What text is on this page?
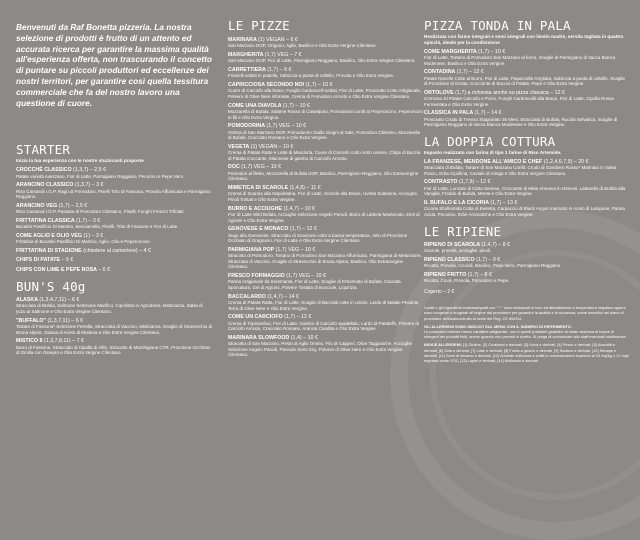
Benvenuti da Raf Bonetta pizzeria. La nostra selezione di prodotti è frutto di un attento ed accurata ricerca per garantire la massima qualità all'esperienza offerta, non trascurando il concetto di puntare su piccoli produttori ed eccellenze dei nostri territori, per garantire così quella tessitura commerciale che fa del nostro lavoro una questione di cuore.
STARTER
Inizia la tua esperienza con le nostre stuzzicanti proposte
CROCCHÈ CLASSICO (1,3,7) – 2,5 €
Patate varietà Avezzano, Fior di Latte, Parmigiano Reggiano, Pecorino e Pepe Nero.
ARANCINO CLASSICO (1,3,7) – 3 €
Riso Carnaroli I.G.P, Ragù di Pomodoro, Piselli Trito di Fassona, Provola Affumicata e Parmigiano Reggiano.
ARANCINO VEG (1,7) – 2,5 €
Riso Carnaroli I.G.P, Passata di Pomodoro Cilentano, Piselli, Funghi Freschi Trifolati.
FRITTATINA CLASSICA (1,7) – 3 €
Bucatini Pastificio Di Martino, Besciamella, Piselli, Trito di Fassona e Fior di Latte.
COME AGLIO E OLIO VEG (1) – 3 €
Frittatina di Bucatini Pastificio Di Martino, Aglio, Olio e Peperoncino.
FRITTATINA DI STAGIONE (chiedere al cameriere) – 4 €
CHIPS DI PATATE – 5 €
CHIPS CON LIME E PEPE ROSA – 6 €
BUN'S 40g
ALASKA (1,3,4,7,11) – 6 €
Stracciata di Bufala, Salmone Selezione Marifico, Cipollotto in Agrodolce, Misticanza, Salsa di yuzu al Salmone e Olio Extra Vergine Cilentano.
"BUFFALO" (1,3,7,11) – 6 €
Tartare di Fassona* Selezione Ferrella, Stracciata di Vaccino, Misticanza, Scaglie di Stravecchio di Bruna Alpina, Glassa di Aceto di Modena e Olio Extra Vergine Cilentano.
MISTICO 8 (1,3,7,8,11) – 7 €
Burro di Fassone, Stracciato di Cipolla di Alife, Stracotto di Marchigiana CTR, Provolone Occhiato di Ginilia con Ginepro e Olio Extra Vergine Cilentano.
LE PIZZE
MARINARA (1) VEGAN – 6 €
San Marzano DOP, Origano, Aglio, Basilico e Olio Extra Vergine Cilentano.
MARGHERITA (1,7) VEG – 7 €
San Marzano DOP, Fior di Latte, Parmigiano Reggiano, Basilico, Olio Extra Vergine Cilentano.
CARRETTIERA (1,7) – 9 €
Friarielli saltati in padella, Salsiccia a punta di coltello, Provola e Olio Extra Vergine.
CAPRICCIOSA SECONDO NOI (1,7) – 10 €
Cuore di Carciofo alla brace, Funghi Cardoncelli saltati, Fior di Latte, Prosciutto Cotto Artigianale, Polvere di Olive Nere infornate, Crema di Pomodoro Arrosto e Olio Extra Vergine Cilentano.
COME UNA DIAVOLA (1,7) – 10 €
Mozzarella di Bufala, Salame Rosso di Castelpoto, Pomodorini confit al Peperoncino, Peperoncini in fili e Olio Extra Vergine.
POMODORINA (1,7) VEG – 10 €
Ombra di San Marzano DOP, Pomodorino Giallo Giagni al Sale, Pomodoro Cilentino, Mozzarella di Bufala, Crocciato Romano e Olio Extra Vergine.
VEGETA (1) VEGAN – 10 €
Crema di Patata Ratte e Latte di Mandorla, Cuore di Carciofo cotto sotto cenere, Chips di Buccia di Patata croccante, Maionese di gambo di Carciofo Arrosto.
DOC (1,7) VEG – 10 €
Pomodori al filetto, Mozzarella di Bufala DOP, Basilico, Parmigiano Reggiano, Olio Extravergine Cilentano.
MIMETICA DI SCAROLE (1,4,8) – 11 €
Crema di Scarola alla Napoletana, Fior di Latte, Scarole alla Brace, Uvetta Sultanina, Acciughe, Pinoli Tostati e Olio Extra Vergine.
BURRO E ACCIUGHE (1,4,7) – 10 €
Fior di Latte Wild Bufala, Acciughe Selezione Angelo Parodi, Burro di Latteria Mantecato, Zest di Agrumi e Olio Extra Vergine.
GENOVESE E MONACO (1,7) – 12 €
Sugo alla Genovese, Stracciato di Scamone cotto a bassa temperatura, Velo di Provolone Occhiato di Gragnano, Fior di Latte e Olio Extra Vergine Cilentano.
PARMIGIANA POP (1,7) VEG – 10 €
Stracotto di Pomodoro, Tortano di Pomodoro San Marzano Affumicato, Parmigiana di Melanzane, Stracciata di Vaccino, Scaglie di Stravecchio di Bruna Alpina, Basilico, Olio Extravergine Cilentano.
FRESCO FORMAGGIO (1,7) VEG – 10 €
Panna Artigianale da Scremanta, Fior di Latte, Scaglie di Erborinato di Bufala, Caciotta Sporcatura, Gel di Agrumi, Polvere Tostata di Nocciole, Liquirizia.
BACCALARDO (1,4,7) – 14 €
Crema di Patata Ratta, Fior di Latte, Scaglie di Baccalà cotte in umido, Lardo di Maiale Pesante, Terra di Olive Nere e Olio Extra Vergine.
COME UN CARCIOFO (1,7) – 12 €
Crema di Topinambur, Fior di Latte, Gambo di Carciofo spadellato, Lardo di Pataleffo, Polvere di Carciofo Arrosto, Cracciato Romano, Arancia Candita e Olio Extra Vergine.
MARINARA SLOWFOOD (1,4) – 10 €
Stracotto di San Marzano, Pesto di Aglio Orsino, Filo di Capperi, Olive Taggiasche, Acciughe Selezione Angelo Parodi, Pannolo Semi Siry, Polvere di Olive Nere e Olio Extra Vergine Cilentano.
PIZZA TONDA IN PALA
Realizzata con farine integrali e semi integrali con lievito madre, servita tagliata in quattro spicchi, ideale per la condivisione
COME MARGHERITA (1,7) – 10 €
Fior di Latte, Tortano di Pomodoro San Marzano al forno, Scaglie di Parmigiano di Vacca Bianca Modenese, Basilico e Olio Extra Vergine.
CONTADINA (1,7) – 12 €
Patate Novelle Cotte al Burro, Fior di Latte, Papaccella Grigliata, Salsiccia a punta di coltello, Scaglie di Provolone di Grotta, Croccante di Buccia di Patate, Pepe e Olio Extra Vergine.
ORTOLOVE (1,7) a richiesta anche su pizza classica – 12 €
Cremoso Di Patate Carciofo e Porro, Funghi Cardoncelli alla Brace, Fior di Latte, Cipolla Rossa Fermentata e Olio Extra Vergine.
CLASSICA IN PALA (1,7) – 14 €
Prosciutto Crudo di Treviso Stagionato 36 Mesi, Stracciata di Bufala, Rucola Selvatica, Scaglie di Parmigiano Reggiano di Vacca Bianca Modenese e Olio Extra Vergine.
LA DOPPIA COTTURA
Impasto realizzato con farina di tipo 1 farine di Riso Artemide.
LA FRANZESE, MENDONE ALL'AMICO E CHEF (1,2,4,6,7,9) – 20 €
Stracciata di Bufala, Tartare di San Marzano Confit, Crudo di Gambero Rosso* Marinato in Salsa Ponzu, Erba Cipollina, Caviale di Aringa e Olio Extra Vergine Cilentano.
CONTRASTO (1,7,9) – 12 €
Fior di Latte, Lonzato di Cinta Senese, Croccante di Mela Annurca in Osmosi, Lattarello di Bufala alla Vaniglia, Freddo di Bufala, Menta e Olio Extra Vergine.
IL BUFALO E LA CICORIA (1,7) – 13 €
Cicoria Sbollentata Cotta di Bietetta, Carpaccio di Black Angus marinato in Aceto di Lampone, Panna Acida, Pecorino, Erbe Aromatiche e Olio Extra Vergine.
LE RIPIENE
RIPIENO DI SCAROLA (1,4,7) – 8 €
Scarole, provola, acciughe, pinoli.
RIPIENO CLASSICO (1,7) – 9 €
Ricotta, Provola, Ciccioli, Basilico, Pepe Nero, Parmigiano Reggiano.
RIPIENO FRITTO (1,7) – 8 €
Ricotta, Cicoli, Provola, Pomodoro e Pepe.
Coperto – 2 €

I piatti o gli ingredienti contrassegnati con " * " sono sottoposti in loco ad abbattimento a temperatura negativa oppure sono congelati o surgelati all'origine dal produttore per garantire la qualità e la sicurezza, come descritto nel piano di procedure dell'autocontrollo ai sensi del Reg. CE 852/04.

GLI ALLERGENI SONO INDICATI SUL MENU CON IL NUMERO DI RIFERIMENTO.
Le produzioni interne hanno carattere artigianale, non è quindi possibile garantire la totale assenza di tracce di allergeni nei prodotti finiti, anche quando non previsti in ricetta. Si prega di comunicare allo staff eventuali intolleranze.

INDICE ALLERGENI: [1] Glutine, [2] Crostacei e derivati, [3] Uova e derivati, [4] Pesce e derivati, [5] Arachidi e derivati, [6] Soia e derivati, [7] Latte e derivati, [8] Frutta a guscio e derivati, [9] Sedano e derivati, [10] Senape e derivati, [11] Semi di sesamo e derivati, [12] Anidride solforosa e solfiti in concentrazioni superiori ai 10 mg/kg o 10 mg/l espressi come SO2, [13] Lupini e derivati, [14] Molluschi e derivati.
